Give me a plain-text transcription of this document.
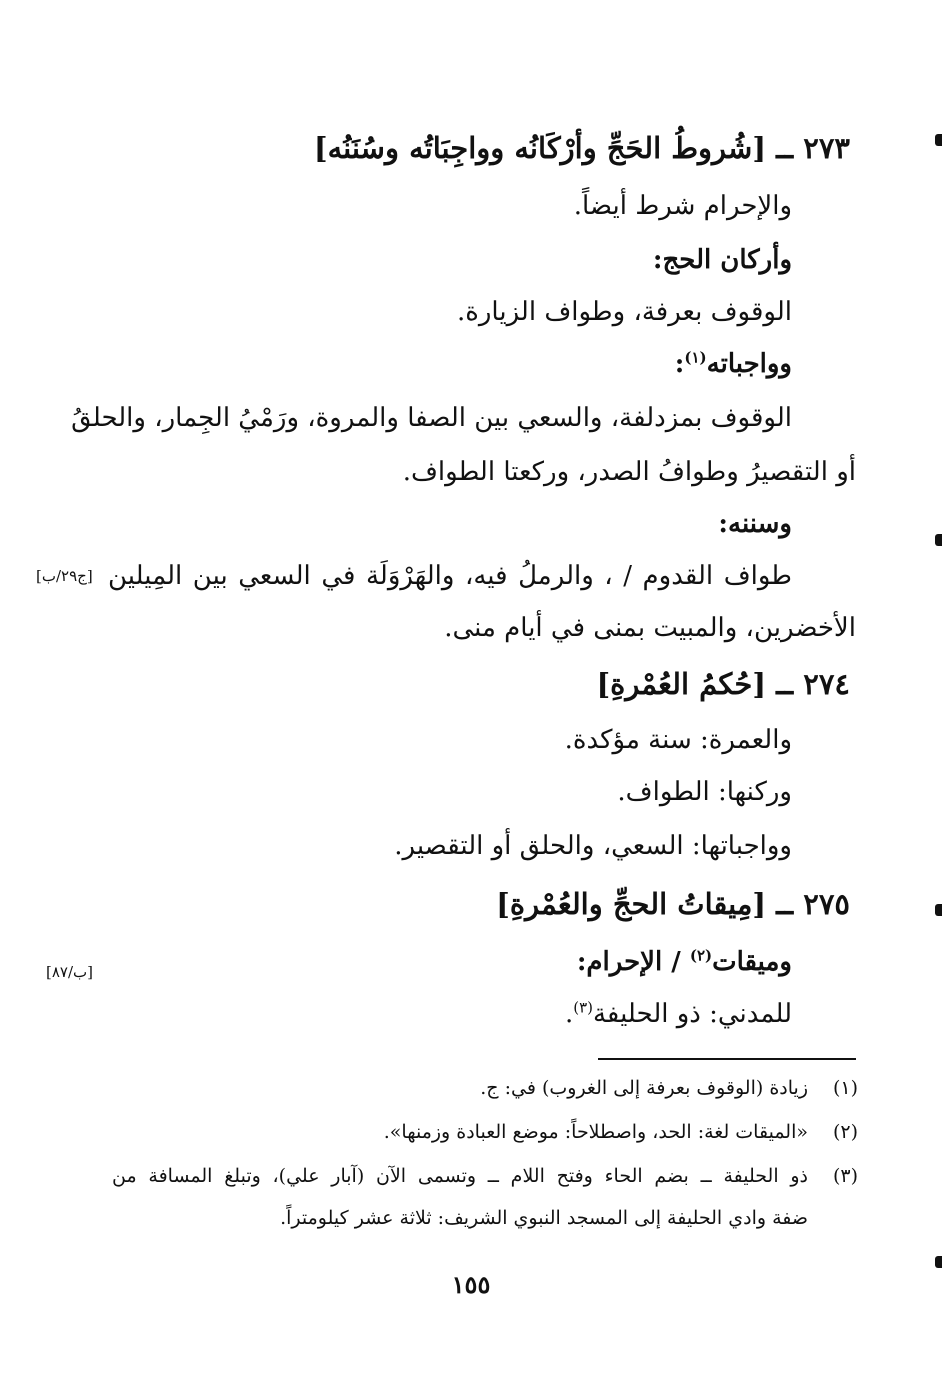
٢٧٣ ــ [شُروطُ الحَجِّ وأرْكَانُه وواجِبَاتُه وسُنَنُه]
والإحرام شرط أيضاً.
وأركان الحج:
الوقوف بعرفة، وطواف الزيارة.
وواجباته$^{(١)}$:
الوقوف بمزدلفة، والسعي بين الصفا والمروة، ورَمْيُ الجِمار، والحلقُ
أو التقصيرُ وطوافُ الصدر، وركعتا الطواف.
وسننه:
طواف القدوم / ، والرملُ فيه، والهَرْوَلَة في السعي بين المِيلين
الأخضرين، والمبيت بمنى في أيام منى.
٢٧٤ ــ [حُكمُ العُمْرةِ]
والعمرة: سنة مؤكدة.
وركنها: الطواف.
وواجباتها: السعي، والحلق أو التقصير.
٢٧٥ ــ [مِيقاتُ الحجِّ والعُمْرةِ]
وميقات$^{(٢)}$ / الإحرام:
للمدني: ذو الحليفة$^{(٣)}$.
[ج٢٩/ب]
[ب/٨٧]
(١)
زيادة (الوقوف بعرفة إلى الغروب) في: ج.
(٢)
«الميقات لغة: الحد، واصطلاحاً: موضع العبادة وزمنها».
(٣)
ذو الحليفة ــ بضم الحاء وفتح اللام ــ وتسمى الآن (آبار علي)، وتبلغ المسافة من
ضفة وادي الحليفة إلى المسجد النبوي الشريف: ثلاثة عشر كيلومتراً.
١٥٥
